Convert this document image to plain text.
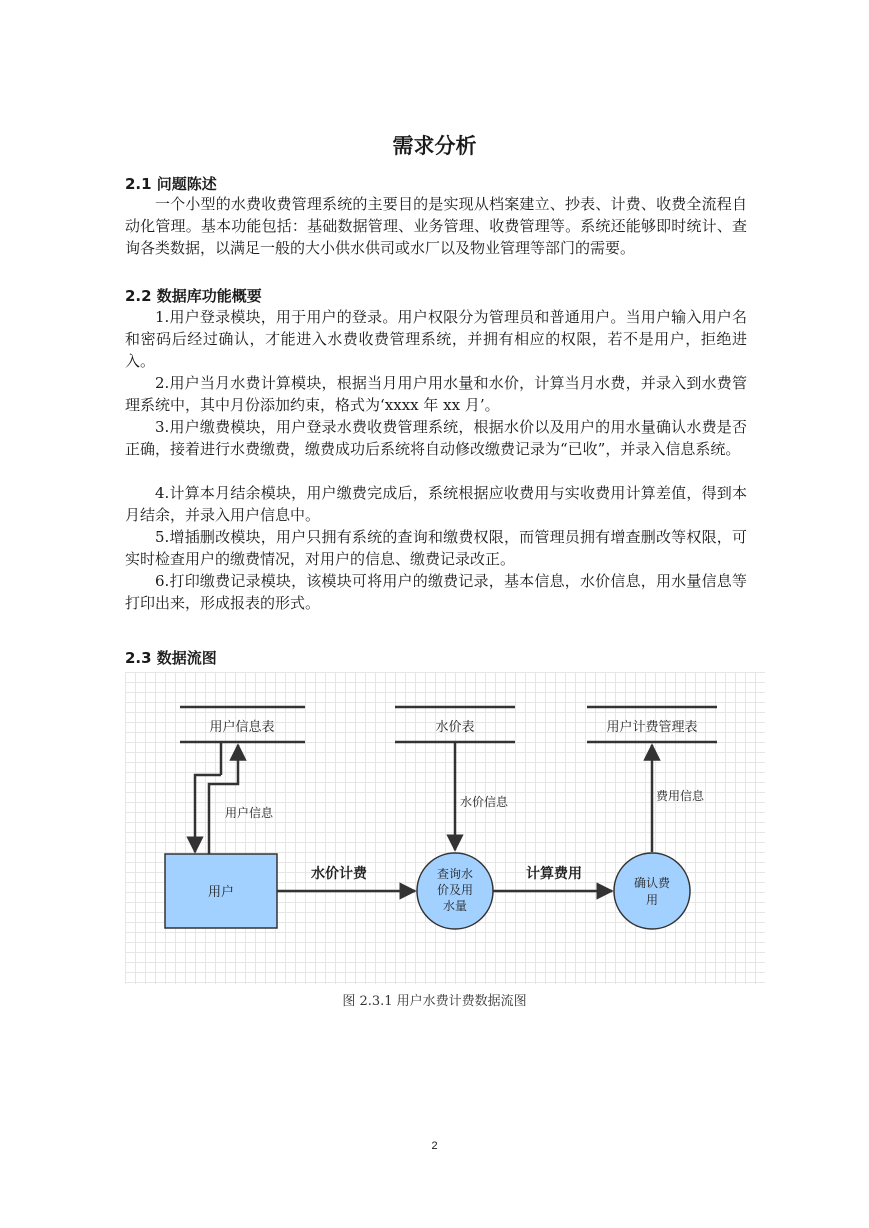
需求分析
2.1 问题陈述

一个小型的水费收费管理系统的主要目的是实现从档案建立、抄表、计费、收费全流程自动化管理。基本功能包括：基础数据管理、业务管理、收费管理等。系统还能够即时统计、查询各类数据，以满足一般的大小供水供司或水厂以及物业管理等部门的需要。

2.2 数据库功能概要

1.用户登录模块，用于用户的登录。用户权限分为管理员和普通用户。当用户输入用户名和密码后经过确认，才能进入水费收费管理系统，并拥有相应的权限，若不是用户，拒绝进入。

2.用户当月水费计算模块，根据当月用户用水量和水价，计算当月水费，并录入到水费管理系统中，其中月份添加约束，格式为‘xxxx 年 xx 月’。

3.用户缴费模块，用户登录水费收费管理系统，根据水价以及用户的用水量确认水费是否正确，接着进行水费缴费，缴费成功后系统将自动修改缴费记录为“已收”，并录入信息系统。

4.计算本月结余模块，用户缴费完成后，系统根据应收费用与实收费用计算差值，得到本月结余，并录入用户信息中。

5.增插删改模块，用户只拥有系统的查询和缴费权限，而管理员拥有增查删改等权限，可实时检查用户的缴费情况，对用户的信息、缴费记录改正。

6.打印缴费记录模块，该模块可将用户的缴费记录，基本信息，水价信息，用水量信息等打印出来，形成报表的形式。

2.3 数据流图
用户信息表	水价表	用户计费管理表
用户
查询水
价及用
水量
确认费
用
用户信息
水价信息	费用信息
水价计费	计算费用
图 2.3.1 用户水费计费数据流图
2
